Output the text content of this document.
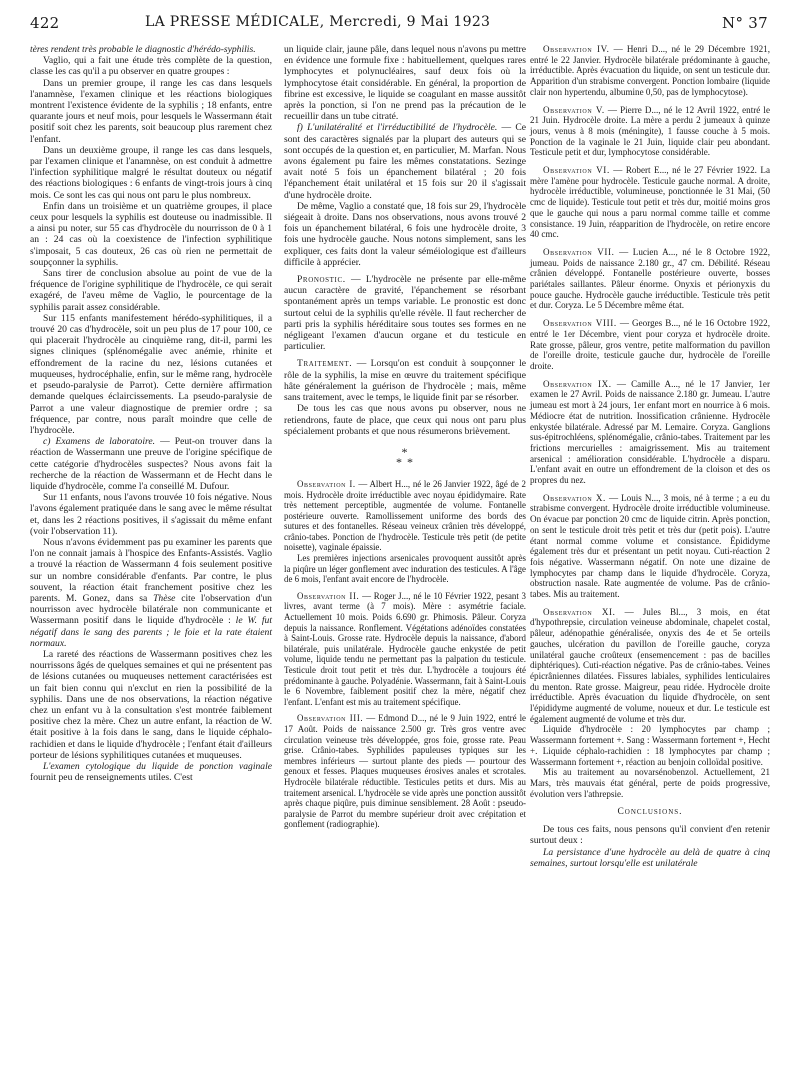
422	LA PRESSE MÉDICALE, Mercredi, 9 Mai 1923	N° 37

tères rendent très probable le diagnostic d'hérédo-syphilis.

Vaglio, qui a fait une étude très complète de la question, classe les cas qu'il a pu observer en quatre groupes :

Dans un premier groupe, il range les cas dans lesquels l'anamnèse, l'examen clinique et les réactions biologiques montrent l'existence évidente de la syphilis ; 18 enfants, entre quarante jours et neuf mois, pour lesquels le Wassermann était positif soit chez les parents, soit beaucoup plus rarement chez l'enfant.

Dans un deuxième groupe, il range les cas dans lesquels, par l'examen clinique et l'anamnèse, on est conduit à admettre l'infection syphilitique malgré le résultat douteux ou négatif des réactions biologiques : 6 enfants de vingt-trois jours à cinq mois. Ce sont les cas qui nous ont paru le plus nombreux.

Enfin dans un troisième et un quatrième groupes, il place ceux pour lesquels la syphilis est douteuse ou inadmissible. Il a ainsi pu noter, sur 55 cas d'hydrocèle du nourrisson de 0 à 1 an : 24 cas où la coexistence de l'infection syphilitique s'imposait, 5 cas douteux, 26 cas où rien ne permettait de soupçonner la syphilis.

Sans tirer de conclusion absolue au point de vue de la fréquence de l'origine syphilitique de l'hydrocèle, ce qui serait exagéré, de l'aveu même de Vaglio, le pourcentage de la syphilis parait assez considérable.

Sur 115 enfants manifestement hérédo-syphilitiques, il a trouvé 20 cas d'hydrocèle, soit un peu plus de 17 pour 100, ce qui placerait l'hydrocèle au cinquième rang, dit-il, parmi les signes cliniques (splénomégalie avec anémie, rhinite et effondrement de la racine du nez, lésions cutanées et muqueuses, hydrocéphalie, enfin, sur le même rang, hydrocèle et pseudo-paralysie de Parrot). Cette dernière affirmation demande quelques éclaircissements. La pseudo-paralysie de Parrot a une valeur diagnostique de premier ordre ; sa fréquence, par contre, nous paraît moindre que celle de l'hydrocèle.

c) Examens de laboratoire. — Peut-on trouver dans la réaction de Wassermann une preuve de l'origine spécifique de cette catégorie d'hydrocèles suspectes? Nous avons fait la recherche de la réaction de Wassermann et de Hecht dans le liquide d'hydrocèle, comme l'a conseillé M. Dufour.

Sur 11 enfants, nous l'avons trouvée 10 fois négative. Nous l'avons également pratiquée dans le sang avec le même résultat et, dans les 2 réactions positives, il s'agissait du même enfant (voir l'observation 11).

Nous n'avons évidemment pas pu examiner les parents que l'on ne connait jamais à l'hospice des Enfants-Assistés. Vaglio a trouvé la réaction de Wassermann 4 fois seulement positive sur un nombre considérable d'enfants. Par contre, le plus souvent, la réaction était franchement positive chez les parents. M. Gonez, dans sa Thèse cite l'observation d'un nourrisson avec hydrocèle bilatérale non communicante et Wassermann positif dans le liquide d'hydrocèle : le W. fut négatif dans le sang des parents ; le foie et la rate étaient normaux.

La rareté des réactions de Wassermann positives chez les nourrissons âgés de quelques semaines et qui ne présentent pas de lésions cutanées ou muqueuses nettement caractérisées est un fait bien connu qui n'exclut en rien la possibilité de la syphilis. Dans une de nos observations, la réaction négative chez un enfant vu à la consultation s'est montrée faiblement positive chez la mère. Chez un autre enfant, la réaction de W. était positive à la fois dans le sang, dans le liquide céphalo-rachidien et dans le liquide d'hydrocèle ; l'enfant était d'ailleurs porteur de lésions syphilitiques cutanées et muqueuses.

L'examen cytologique du liquide de ponction vaginale fournit peu de renseignements utiles. C'est

un liquide clair, jaune pâle, dans lequel nous n'avons pu mettre en évidence une formule fixe : habituellement, quelques rares lymphocytes et polynucléaires, sauf deux fois où la lymphocytose était considérable. En général, la proportion de fibrine est excessive, le liquide se coagulant en masse aussitôt après la ponction, si l'on ne prend pas la précaution de le recueillir dans un tube citraté.

f) L'unilatéralité et l'irréductibilité de l'hydrocèle. — Ce sont des caractères signalés par la plupart des auteurs qui se sont occupés de la question et, en particulier, M. Marfan. Nous avons également pu faire les mêmes constatations. Sezinge avait noté 5 fois un épanchement bilatéral ; 20 fois l'épanchement était unilatéral et 15 fois sur 20 il s'agissait d'une hydrocèle droite.

De même, Vaglio a constaté que, 18 fois sur 29, l'hydrocèle siégeait à droite. Dans nos observations, nous avons trouvé 2 fois un épanchement bilatéral, 6 fois une hydrocèle droite, 3 fois une hydrocèle gauche. Nous notons simplement, sans les expliquer, ces faits dont la valeur séméiologique est d'ailleurs difficile à apprécier.

Pronostic. — L'hydrocèle ne présente par elle-même aucun caractère de gravité, l'épanchement se résorbant spontanément après un temps variable. Le pronostic est donc surtout celui de la syphilis qu'elle révèle. Il faut rechercher de parti pris la syphilis héréditaire sous toutes ses formes en ne négligeant l'examen d'aucun organe et du testicule en particulier.

Traitement. — Lorsqu'on est conduit à soupçonner le rôle de la syphilis, la mise en œuvre du traitement spécifique hâte généralement la guérison de l'hydrocèle ; mais, même sans traitement, avec le temps, le liquide finit par se résorber.

De tous les cas que nous avons pu observer, nous ne retiendrons, faute de place, que ceux qui nous ont paru plus spécialement probants et que nous résumerons brièvement.

*
* *

Observation I. — Albert H..., né le 26 Janvier 1922, âgé de 2 mois. Hydrocèle droite irréductible avec noyau épididymaire. Rate très nettement perceptible, augmentée de volume. Fontanelle postérieure ouverte. Ramollissement uniforme des bords des sutures et des fontanelles. Réseau veineux crânien très développé, crânio-tabes. Ponction de l'hydrocèle. Testicule très petit (de petite noisette), vaginale épaissie.

Les premières injections arsenicales provoquent aussitôt après la piqûre un léger gonflement avec induration des testicules. A l'âge de 6 mois, l'enfant avait encore de l'hydrocèle.

Observation II. — Roger J..., né le 10 Février 1922, pesant 3 livres, avant terme (à 7 mois). Mère : asymétrie faciale. Actuellement 10 mois. Poids 6.690 gr. Phimosis. Pâleur. Coryza depuis la naissance. Ronflement. Végétations adénoïdes constatées à Saint-Louis. Grosse rate. Hydrocèle depuis la naissance, d'abord bilatérale, puis unilatérale. Hydrocèle gauche enkystée de petit volume, liquide tendu ne permettant pas la palpation du testicule. Testicule droit tout petit et très dur. L'hydrocèle a toujours été prédominante à gauche. Polyadénie. Wassermann, fait à Saint-Louis le 6 Novembre, faiblement positif chez la mère, négatif chez l'enfant. L'enfant est mis au traitement spécifique.

Observation III. — Edmond D..., né le 9 Juin 1922, entré le 17 Août. Poids de naissance 2.500 gr. Très gros ventre avec circulation veineuse très développée, gros foie, grosse rate. Peau grise. Crânio-tabes. Syphilides papuleuses typiques sur les membres inférieurs — surtout plante des pieds — pourtour des genoux et fesses. Plaques muqueuses érosives anales et scrotales. Hydrocèle bilatérale réductible. Testicules petits et durs. Mis au traitement arsenical. L'hydrocèle se vide après une ponction aussitôt après chaque piqûre, puis diminue sensiblement. 28 Août : pseudo-paralysie de Parrot du membre supérieur droit avec crépitation et gonflement (radiographie).

Observation IV. — Henri D..., né le 29 Décembre 1921, entré le 22 Janvier. Hydrocèle bilatérale prédominante à gauche, irréductible. Après évacuation du liquide, on sent un testicule dur. Apparition d'un strabisme convergent. Ponction lombaire (liquide clair non hypertendu, albumine 0,50, pas de lymphocytose).

Observation V. — Pierre D..., né le 12 Avril 1922, entré le 21 Juin. Hydrocèle droite. La mère a perdu 2 jumeaux à quinze jours, venus à 8 mois (méningite), 1 fausse couche à 5 mois. Ponction de la vaginale le 21 Juin, liquide clair peu abondant. Testicule petit et dur, lymphocytose considérable.

Observation VI. — Robert E..., né le 27 Février 1922. La mère l'amène pour hydrocèle. Testicule gauche normal. A droite, hydrocèle irréductible, volumineuse, ponctionnée le 31 Mai, (50 cmc de liquide). Testicule tout petit et très dur, moitié moins gros que le gauche qui nous a paru normal comme taille et comme consistance. 19 Juin, réapparition de l'hydrocèle, on retire encore 40 cmc.

Observation VII. — Lucien A..., né le 8 Octobre 1922, jumeau. Poids de naissance 2.180 gr., 47 cm. Débilité. Réseau crânien développé. Fontanelle postérieure ouverte, bosses pariétales saillantes. Pâleur énorme. Onyxis et périonyxis du pouce gauche. Hydrocèle gauche irréductible. Testicule très petit et dur. Coryza. Le 5 Décembre même état.

Observation VIII. — Georges B..., né le 16 Octobre 1922, entré le 1er Décembre, vient pour coryza et hydrocèle droite. Rate grosse, pâleur, gros ventre, petite malformation du pavillon de l'oreille droite, testicule gauche dur, hydrocèle de l'oreille droite.

Observation IX. — Camille A..., né le 17 Janvier, 1er examen le 27 Avril. Poids de naissance 2.180 gr. Jumeau. L'autre jumeau est mort à 24 jours, 1er enfant mort en nourrice à 6 mois. Médiocre état de nutrition. Inossification crânienne. Hydrocèle enkystée bilatérale. Adressé par M. Lemaire. Coryza. Ganglions sus-épitrochléens, splénomégalie, crânio-tabes. Traitement par les frictions mercurielles : amaigrissement. Mis au traitement arsenical : amélioration considérable. L'hydrocèle a disparu. L'enfant avait en outre un effondrement de la cloison et des os propres du nez.

Observation X. — Louis N..., 3 mois, né à terme ; a eu du strabisme convergent. Hydrocèle droite irréductible volumineuse. On évacue par ponction 20 cmc de liquide citrin. Après ponction, on sent le testicule droit très petit et très dur (petit pois). L'autre étant normal comme volume et consistance. Épididyme également très dur et présentant un petit noyau. Cuti-réaction 2 fois négative. Wassermann négatif. On note une dizaine de lymphocytes par champ dans le liquide d'hydrocèle. Coryza, obstruction nasale. Rate augmentée de volume. Pas de crânio-tabes. Mis au traitement.

Observation XI. — Jules Bl..., 3 mois, en état d'hypothrepsie, circulation veineuse abdominale, chapelet costal, pâleur, adénopathie généralisée, onyxis des 4e et 5e orteils gauches, ulcération du pavillon de l'oreille gauche, coryza unilatéral gauche croûteux (ensemencement : pas de bacilles diphtériques). Cuti-réaction négative. Pas de crânio-tabes. Veines épicrâniennes dilatées. Fissures labiales, syphilides lenticulaires du menton. Rate grosse. Maigreur, peau ridée. Hydrocèle droite irréductible. Après évacuation du liquide d'hydrocèle, on sent l'épididyme augmenté de volume, noueux et dur. Le testicule est également augmenté de volume et très dur.

Liquide d'hydrocèle : 20 lymphocytes par champ ; Wassermann fortement +. Sang : Wassermann fortement +, Hecht +. Liquide céphalo-rachidien : 18 lymphocytes par champ ; Wassermann fortement +, réaction au benjoin colloïdal positive.

Mis au traitement au novarsénobenzol. Actuellement, 21 Mars, très mauvais état général, perte de poids progressive, évolution vers l'athrepsie.

Conclusions.

De tous ces faits, nous pensons qu'il convient d'en retenir surtout deux :

La persistance d'une hydrocèle au delà de quatre à cinq semaines, surtout lorsqu'elle est unilatérale
